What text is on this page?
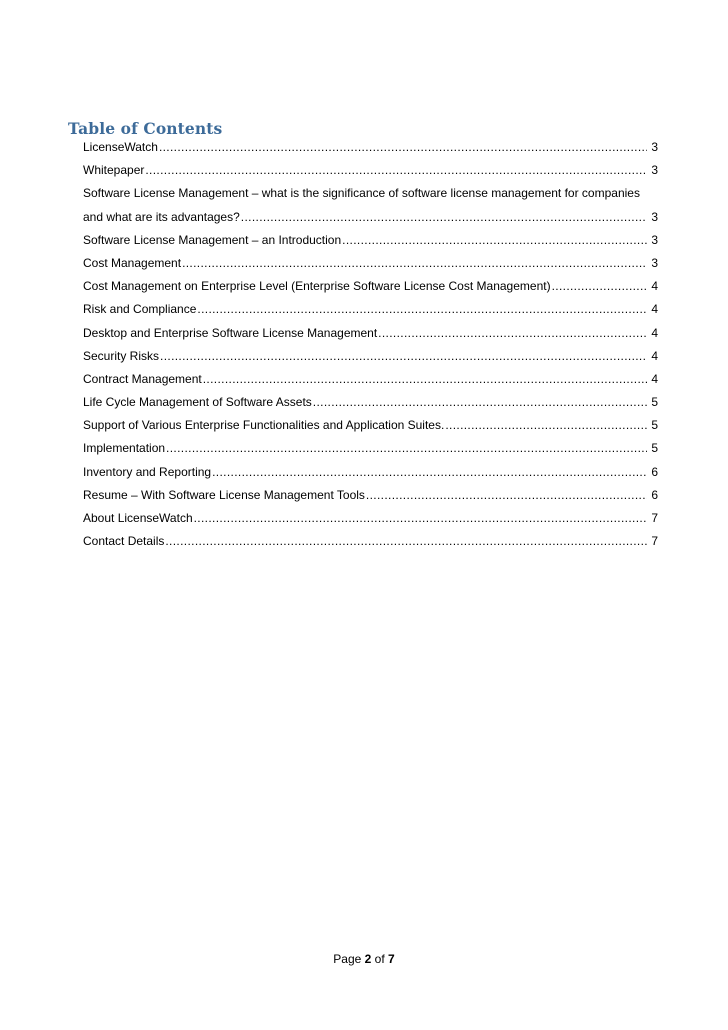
Table of Contents
LicenseWatch .....	3
Whitepaper .....	3
Software License Management – what is the significance of software license management for companies
and what are its advantages? .....	3
Software License Management – an Introduction .....	3
Cost Management .....	3
Cost Management on Enterprise Level (Enterprise Software License Cost Management) .....	4
Risk and Compliance .....	4
Desktop and Enterprise Software License Management .....	4
Security Risks .....	4
Contract Management .....	4
Life Cycle Management of Software Assets .....	5
Support of Various Enterprise Functionalities and Application Suites. .....	5
Implementation .....	5
Inventory and Reporting .....	6
Resume – With Software License Management Tools .....	6
About LicenseWatch .....	7
Contact Details .....	7
Page 2 of 7
